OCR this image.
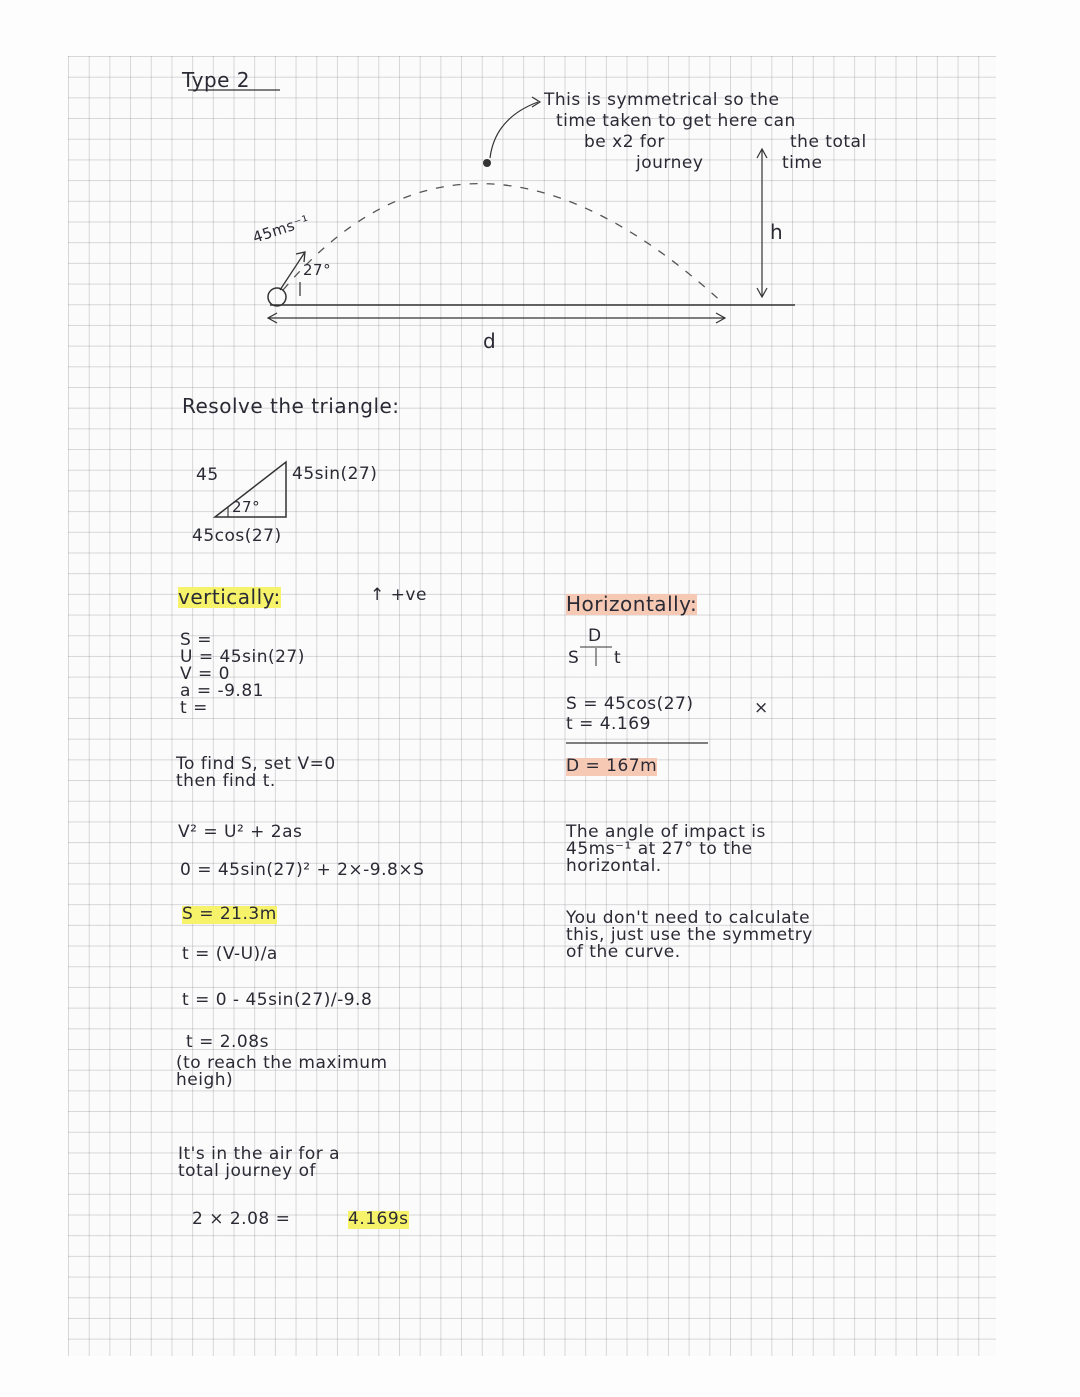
Type 2
45ms⁻¹
27°
d
h
This is symmetrical so the
time taken to get here can
be x2 for	the total
journey	time
Resolve the triangle:
45	45sin(27)
27°
45cos(27)
vertically:	↑ +ve
S =
U = 45sin(27)
V = 0
a = -9.81
t =
To find S, set V=0
then find t.
V² = U² + 2as
0 = 45sin(27)² + 2×-9.8×S
S = 21.3m
t = (V-U)/a
t = 0 - 45sin(27)/-9.8
t = 2.08s
(to reach the maximum
heigh)
It's in the air for a
total journey of
2 × 2.08 =	4.169s
Horizontally:
D
S t
S = 45cos(27)	×
t = 4.169
D = 167m
The angle of impact is
45ms⁻¹ at 27° to the
horizontal.
You don't need to calculate
this, just use the symmetry
of the curve.
